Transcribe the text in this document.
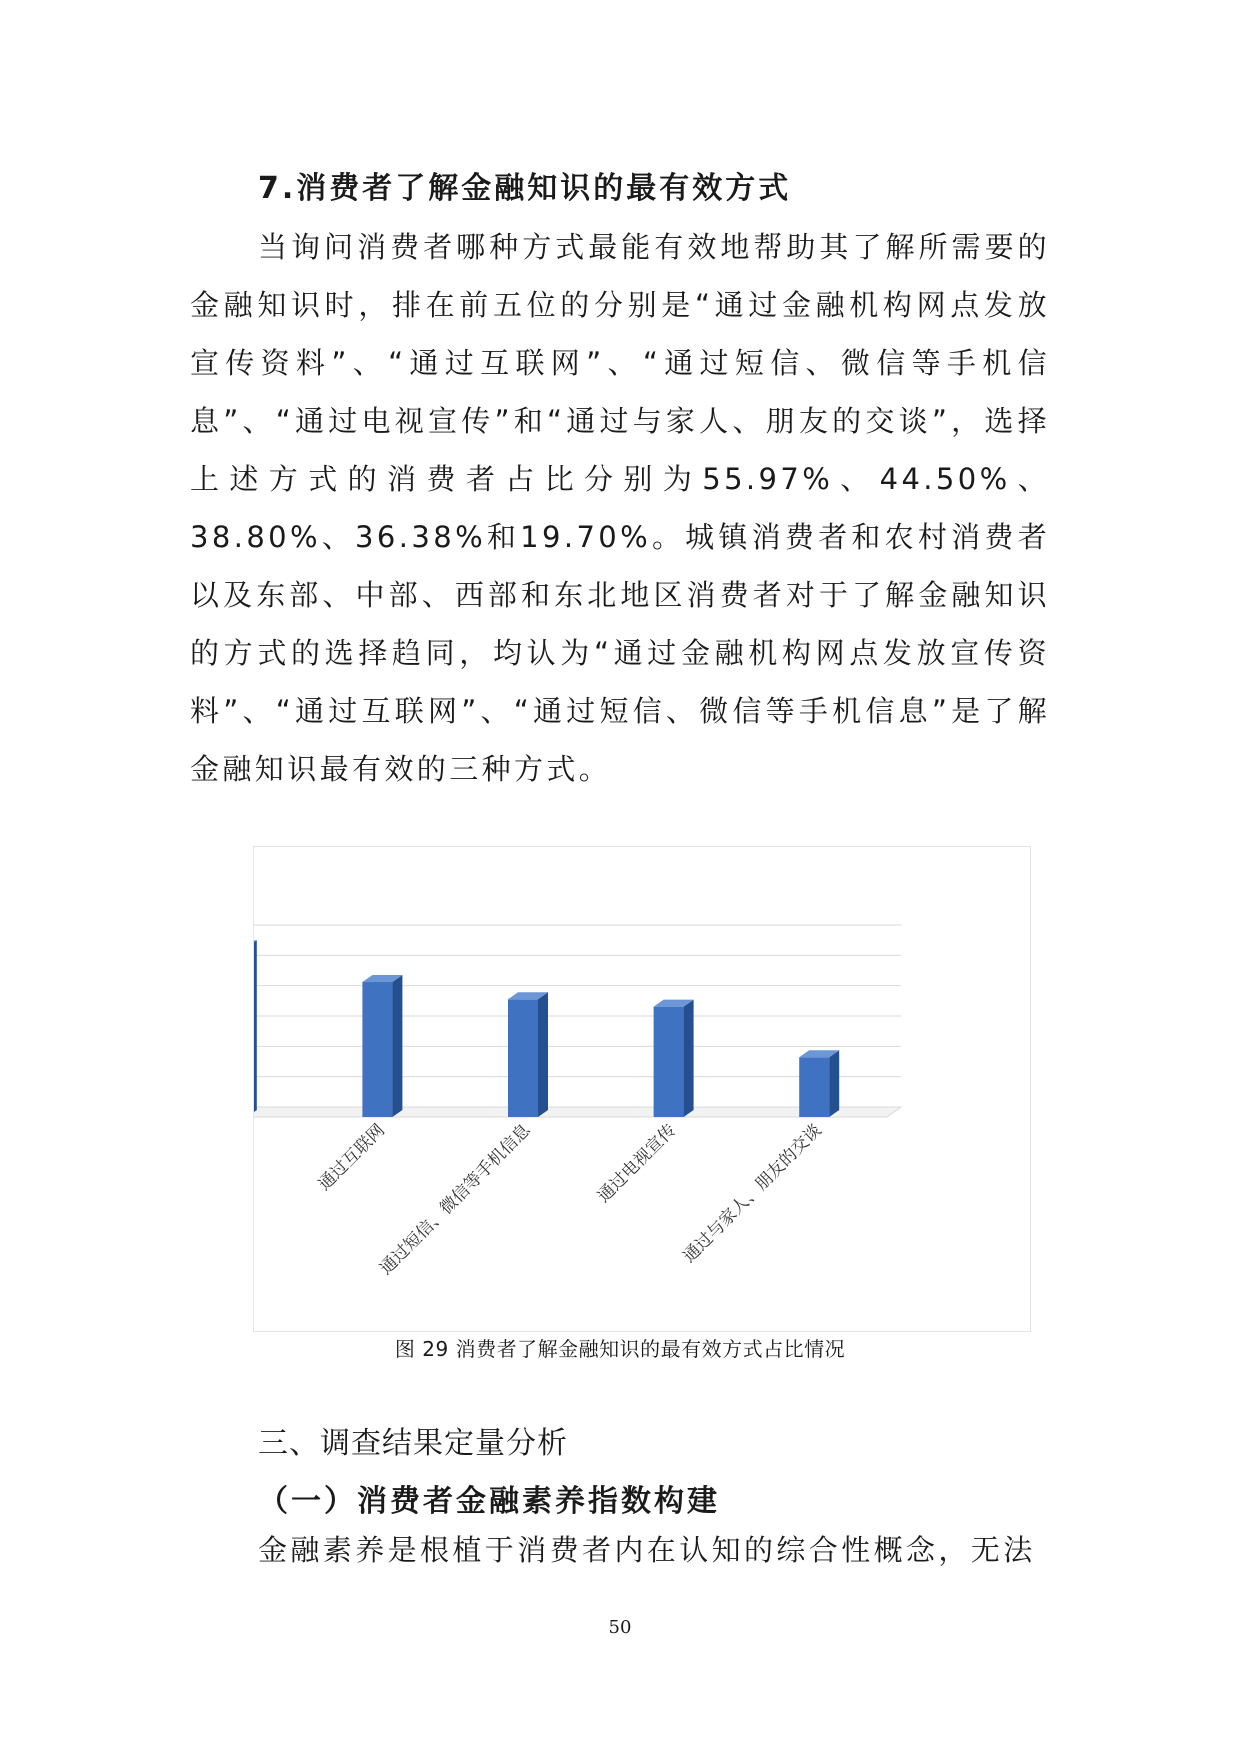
7.消费者了解金融知识的最有效方式

当询问消费者哪种方式最能有效地帮助其了解所需要的金融知识时，排在前五位的分别是“通过金融机构网点发放宣传资料”、“通过互联网”、“通过短信、微信等手机信息”、“通过电视宣传”和“通过与家人、朋友的交谈”，选择上述方式的消费者占比分别为55.97%、44.50%、38.80%、36.38%和19.70%。城镇消费者和农村消费者以及东部、中部、西部和东北地区消费者对于了解金融知识的方式的选择趋同，均认为“通过金融机构网点发放宣传资料”、“通过互联网”、“通过短信、微信等手机信息”是了解金融知识最有效的三种方式。

通过互联网
通过短信、微信等手机信息	通过电视宣传 通过与家人、朋友的交谈

图 29 消费者了解金融知识的最有效方式占比情况

三、调查结果定量分析
（一）消费者金融素养指数构建

金融素养是根植于消费者内在认知的综合性概念，无法

50
